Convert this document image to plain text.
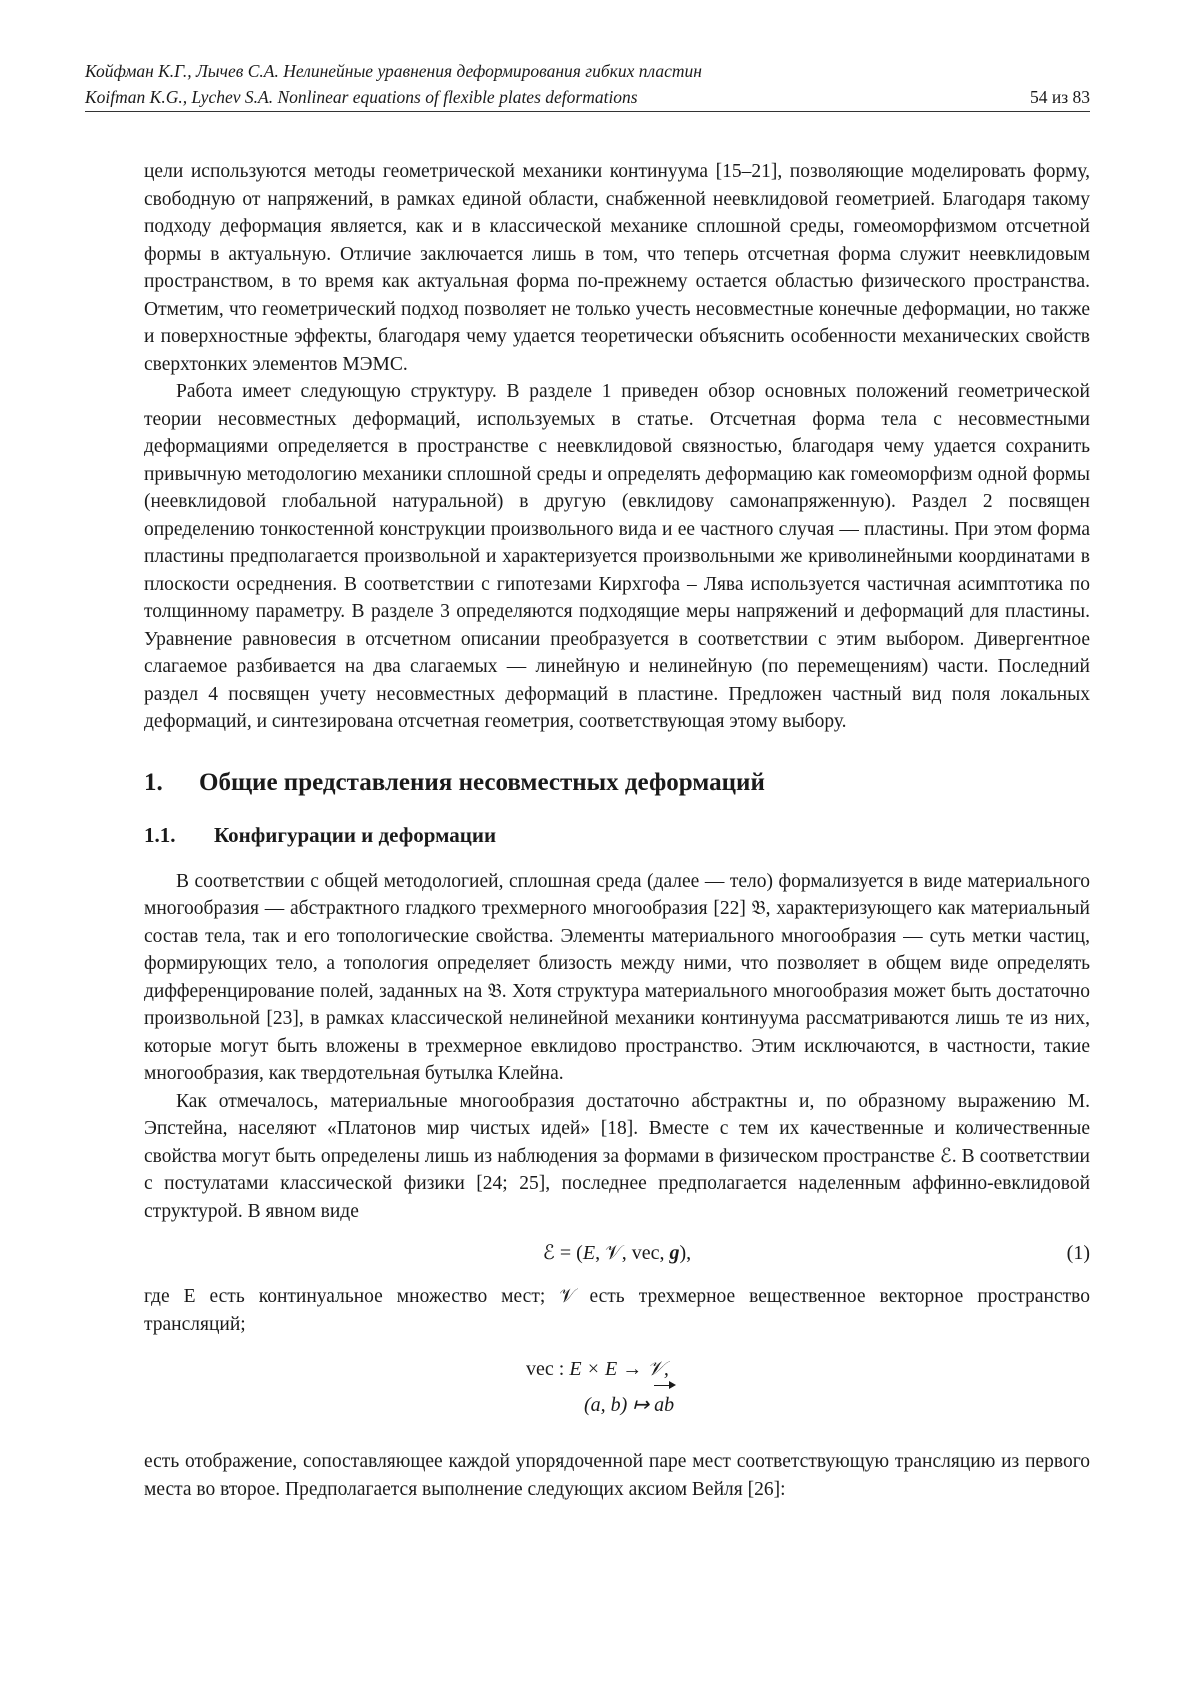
Койфман К.Г., Лычев С.А. Нелинейные уравнения деформирования гибких пластин
Koifman K.G., Lychev S.A. Nonlinear equations of flexible plates deformations	54 из 83

цели используются методы геометрической механики континуума [15–21], позволяющие моделировать форму, свободную от напряжений, в рамках единой области, снабженной неевклидовой геометрией. Благодаря такому подходу деформация является, как и в классической механике сплошной среды, гомеоморфизмом отсчетной формы в актуальную. Отличие заключается лишь в том, что теперь отсчетная форма служит неевклидовым пространством, в то время как актуальная форма по-прежнему остается областью физического пространства. Отметим, что геометрический подход позволяет не только учесть несовместные конечные деформации, но также и поверхностные эффекты, благодаря чему удается теоретически объяснить особенности механических свойств сверхтонких элементов МЭМС.

Работа имеет следующую структуру. В разделе 1 приведен обзор основных положений геометрической теории несовместных деформаций, используемых в статье. Отсчетная форма тела с несовместными деформациями определяется в пространстве с неевклидовой связностью, благодаря чему удается сохранить привычную методологию механики сплошной среды и определять деформацию как гомеоморфизм одной формы (неевклидовой глобальной натуральной) в другую (евклидову самонапряженную). Раздел 2 посвящен определению тонкостенной конструкции произвольного вида и ее частного случая — пластины. При этом форма пластины предполагается произвольной и характеризуется произвольными же криволинейными координатами в плоскости осреднения. В соответствии с гипотезами Кирхгофа – Лява используется частичная асимптотика по толщинному параметру. В разделе 3 определяются подходящие меры напряжений и деформаций для пластины. Уравнение равновесия в отсчетном описании преобразуется в соответствии с этим выбором. Дивергентное слагаемое разбивается на два слагаемых — линейную и нелинейную (по перемещениям) части. Последний раздел 4 посвящен учету несовместных деформаций в пластине. Предложен частный вид поля локальных деформаций, и синтезирована отсчетная геометрия, соответствующая этому выбору.

1. Общие представления несовместных деформаций
1.1. Конфигурации и деформации

В соответствии с общей методологией, сплошная среда (далее — тело) формализуется в виде материального многообразия — абстрактного гладкого трехмерного многообразия [22] 𝔅, характеризующего как материальный состав тела, так и его топологические свойства. Элементы материального многообразия — суть метки частиц, формирующих тело, а топология определяет близость между ними, что позволяет в общем виде определять дифференцирование полей, заданных на 𝔅. Хотя структура материального многообразия может быть достаточно произвольной [23], в рамках классической нелинейной механики континуума рассматриваются лишь те из них, которые могут быть вложены в трехмерное евклидово пространство. Этим исключаются, в частности, такие многообразия, как твердотельная бутылка Клейна.

Как отмечалось, материальные многообразия достаточно абстрактны и, по образному выражению М. Эпстейна, населяют «Платонов мир чистых идей» [18]. Вместе с тем их качественные и количественные свойства могут быть определены лишь из наблюдения за формами в физическом пространстве ℰ. В соответствии с постулатами классической физики [24; 25], последнее предполагается наделенным аффинно-евклидовой структурой. В явном виде

ℰ = (E, 𝒱, vec, g),	(1)

где E есть континуальное множество мест; 𝒱 есть трехмерное вещественное векторное пространство трансляций;

vec : E × E → 𝒱,
(a, b) ↦ ab

есть отображение, сопоставляющее каждой упорядоченной паре мест соответствующую трансляцию из первого места во второе. Предполагается выполнение следующих аксиом Вейля [26]:
